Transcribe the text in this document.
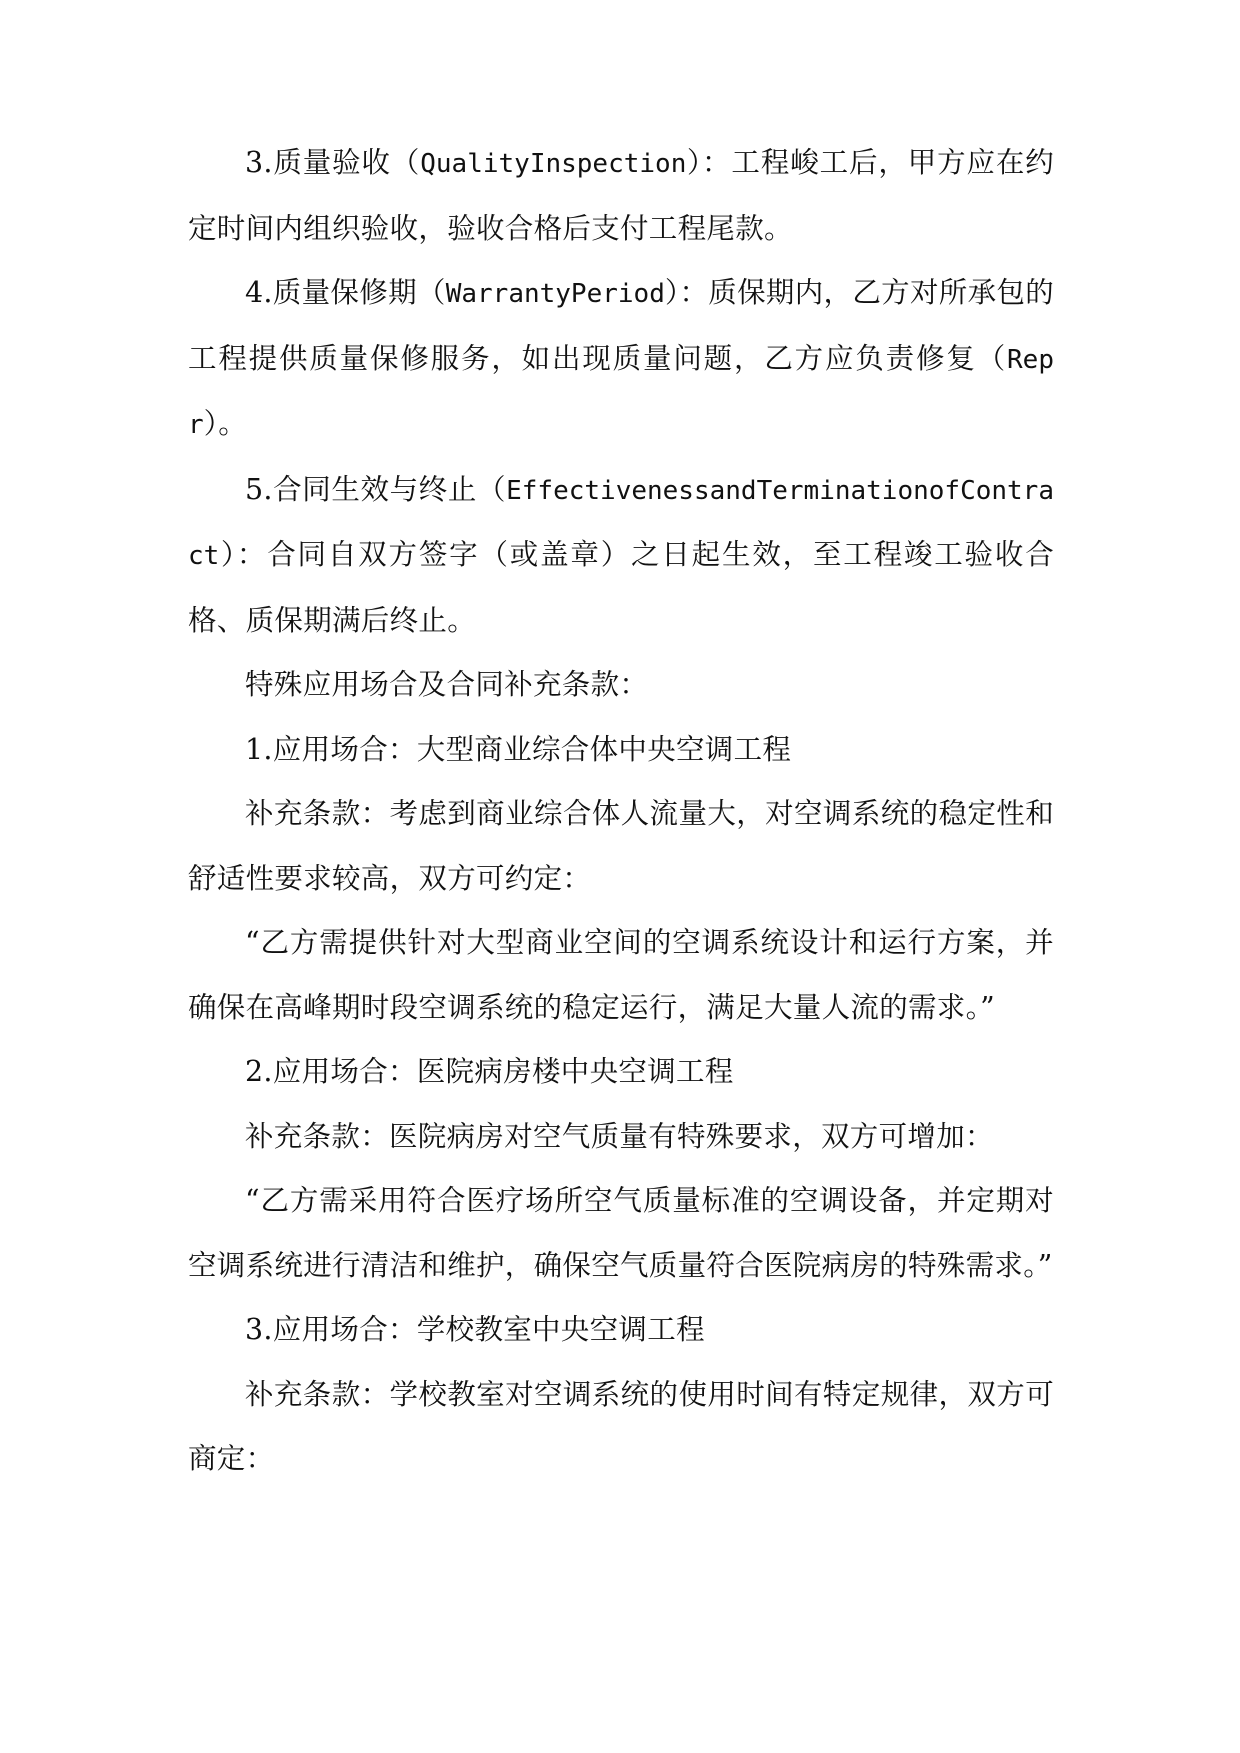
3.质量验收（QualityInspection）：工程峻工后，甲方应在约定时间内组织验收，验收合格后支付工程尾款。

4.质量保修期（WarrantyPeriod）：质保期内，乙方对所承包的工程提供质量保修服务，如出现质量问题，乙方应负责修复（Repr）。

5.合同生效与终止（EffectivenessandTerminationofContract）：合同自双方签字（或盖章）之日起生效，至工程竣工验收合格、质保期满后终止。

特殊应用场合及合同补充条款：

1.应用场合：大型商业综合体中央空调工程

补充条款：考虑到商业综合体人流量大，对空调系统的稳定性和舒适性要求较高，双方可约定：

“乙方需提供针对大型商业空间的空调系统设计和运行方案，并确保在高峰期时段空调系统的稳定运行，满足大量人流的需求。”

2.应用场合：医院病房楼中央空调工程

补充条款：医院病房对空气质量有特殊要求，双方可增加：

“乙方需采用符合医疗场所空气质量标准的空调设备，并定期对空调系统进行清洁和维护，确保空气质量符合医院病房的特殊需求。”

3.应用场合：学校教室中央空调工程

补充条款：学校教室对空调系统的使用时间有特定规律，双方可商定：
